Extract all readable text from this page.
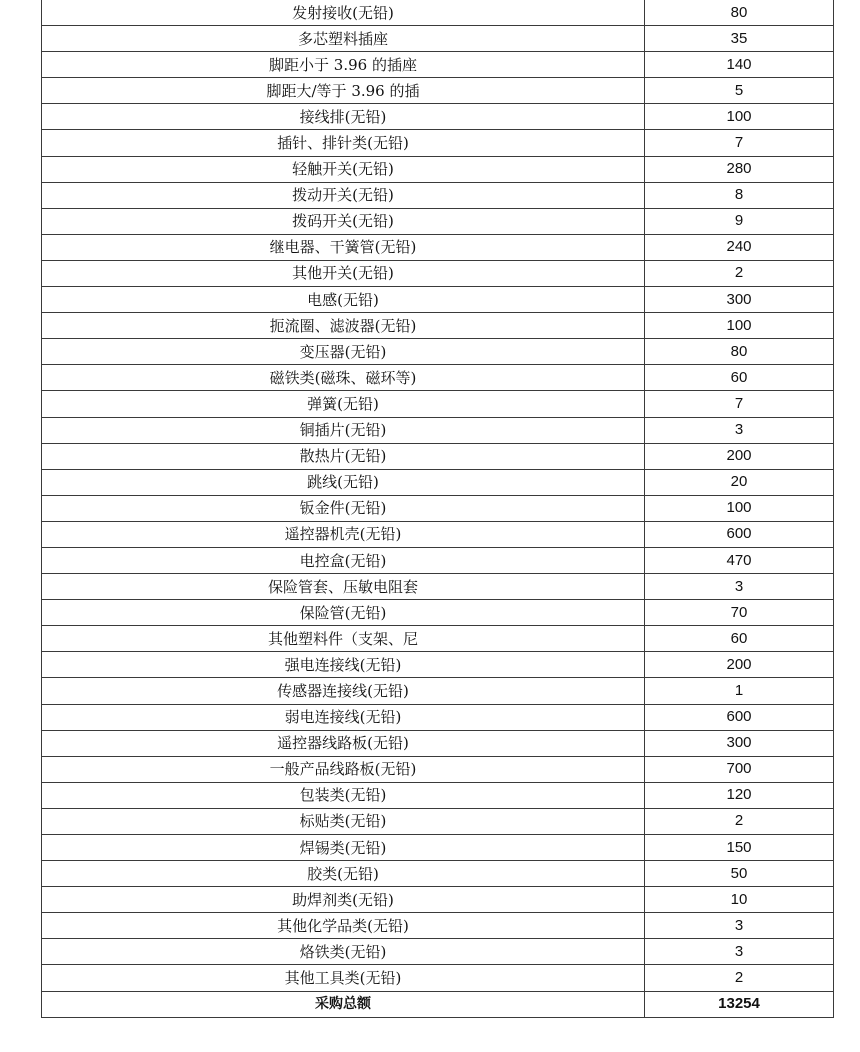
发射接收(无铅)	80
多芯塑料插座	35
脚距小于 3.96 的插座	140
脚距大/等于 3.96 的插	5
接线排(无铅)	100
插针、排针类(无铅)	7
轻触开关(无铅)	280
拨动开关(无铅)	8
拨码开关(无铅)	9
继电器、干簧管(无铅)	240
其他开关(无铅)	2
电感(无铅)	300
扼流圈、滤波器(无铅)	100
变压器(无铅)	80
磁铁类(磁珠、磁环等)	60
弹簧(无铅)	7
铜插片(无铅)	3
散热片(无铅)	200
跳线(无铅)	20
钣金件(无铅)	100
遥控器机壳(无铅)	600
电控盒(无铅)	470
保险管套、压敏电阻套	3
保险管(无铅)	70
其他塑料件（支架、尼	60
强电连接线(无铅)	200
传感器连接线(无铅)	1
弱电连接线(无铅)	600
遥控器线路板(无铅)	300
一般产品线路板(无铅)	700
包装类(无铅)	120
标贴类(无铅)	2
焊锡类(无铅)	150
胶类(无铅)	50
助焊剂类(无铅)	10
其他化学品类(无铅)	3
烙铁类(无铅)	3
其他工具类(无铅)	2
采购总额	13254
